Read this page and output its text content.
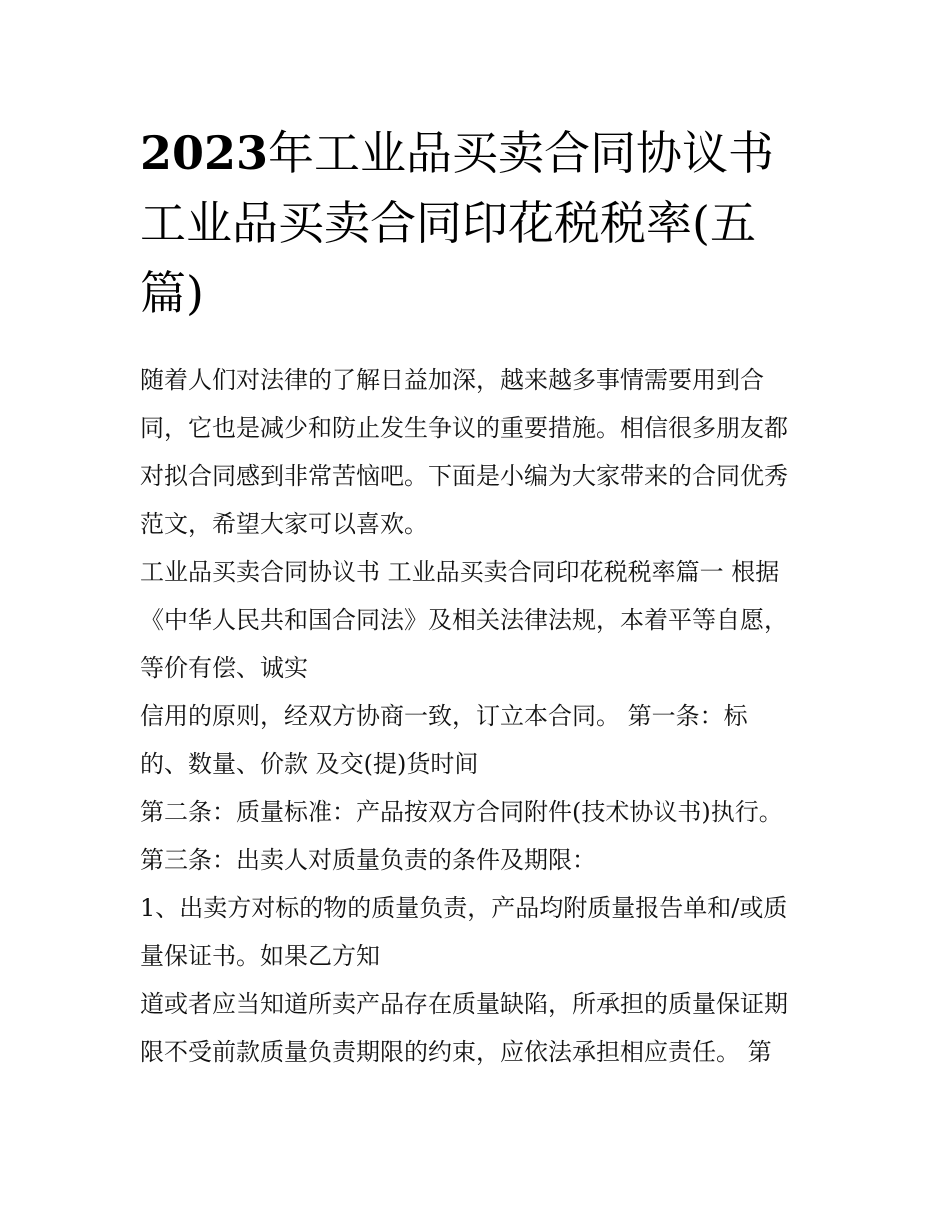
2023年工业品买卖合同协议书
工业品买卖合同印花税税率(五
篇)
随着人们对法律的了解日益加深，越来越多事情需要用到合
同，它也是减少和防止发生争议的重要措施。相信很多朋友都
对拟合同感到非常苦恼吧。下面是小编为大家带来的合同优秀
范文，希望大家可以喜欢。
工业品买卖合同协议书 工业品买卖合同印花税税率篇一 根据
《中华人民共和国合同法》及相关法律法规，本着平等自愿，
等价有偿、诚实
信用的原则，经双方协商一致，订立本合同。 第一条：标
的、数量、价款 及交(提)货时间
第二条：质量标准：产品按双方合同附件(技术协议书)执行。
第三条：出卖人对质量负责的条件及期限：
1、出卖方对标的物的质量负责，产品均附质量报告单和/或质
量保证书。如果乙方知
道或者应当知道所卖产品存在质量缺陷，所承担的质量保证期
限不受前款质量负责期限的约束，应依法承担相应责任。 第
